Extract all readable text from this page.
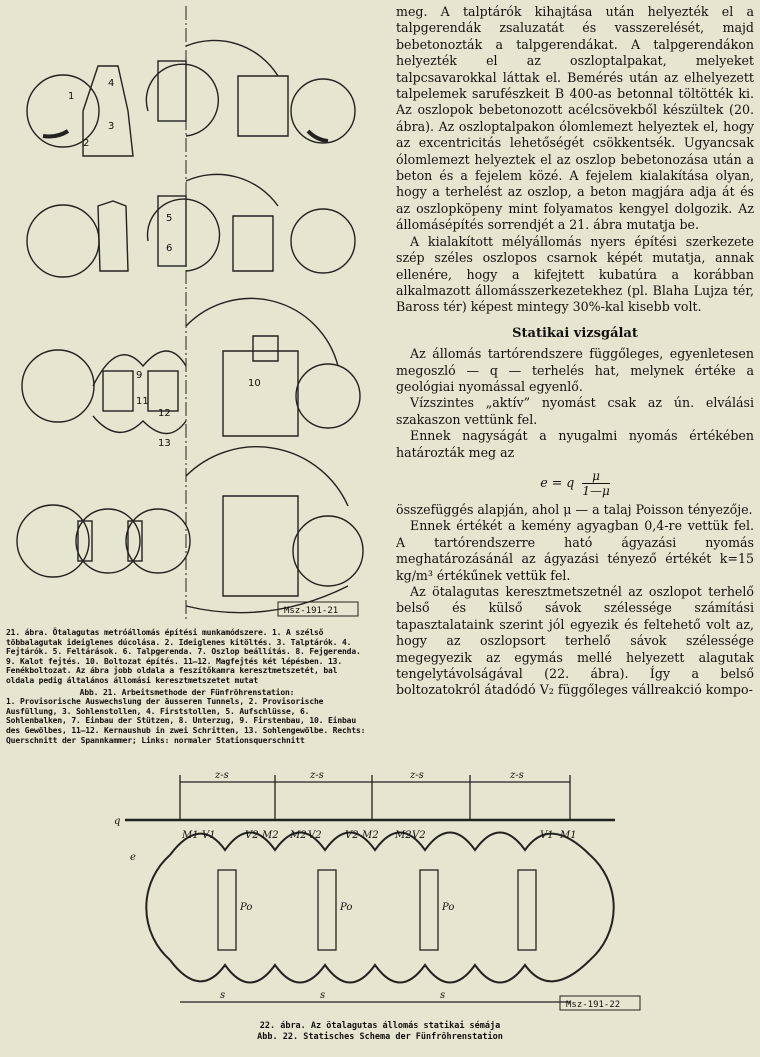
1
4
3
2
5
6
9
11
12
10
13
Msz-191-21

21. ábra. Ötalagutas metróállomás építési munkamódszere. 1. A szélső többalagutak ideiglenes dúcolása. 2. Ideiglenes kitöltés. 3. Talptárók. 4. Fejtárók. 5. Feltárások. 6. Talpgerenda. 7. Oszlop beállítás. 8. Fejgerenda. 9. Kalot fejtés. 10. Boltozat építés. 11—12. Magfejtés két lépésben. 13. Fenékboltozat. Az ábra jobb oldala a feszítőkamra keresztmetszetét, bal oldala pedig általános állomási keresztmetszetet mutat

Abb. 21. Arbeitsmethode der Fünfröhrenstation:

1. Provisorische Auswechslung der äusseren Tunnels, 2. Provisorische Ausfüllung, 3. Sohlenstollen, 4. Firststollen, 5. Aufschlüsse, 6. Sohlenbalken, 7. Einbau der Stützen, 8. Unterzug, 9. Firstenbau, 10. Einbau des Gewölbes, 11—12. Kernaushub in zwei Schritten, 13. Sohlengewölbe. Rechts: Querschnitt der Spannkammer; Links: normaler Stationsquerschnitt

meg. A talptárók kihajtása után helyezték el a talpgerendák zsaluzatát és vasszerelését, majd bebetonozták a talpgerendákat. A talpgerendákon helyezték el az oszloptalpakat, melyeket talpcsavarokkal láttak el. Bemérés után az elhelyezett talpelemek sarufészkeit B 400-as betonnal töltötték ki. Az oszlopok bebetonozott acélcsövekből készültek (20. ábra). Az oszloptalpakon ólomlemezt helyeztek el, hogy az excentricitás lehetőségét csökkentsék. Ugyancsak ólomlemezt helyeztek el az oszlop bebetonozása után a beton és a fejelem közé. A fejelem kialakítása olyan, hogy a terhelést az oszlop, a beton magjára adja át és az oszlopköpeny mint folyamatos kengyel dolgozik. Az állomásépítés sorrendjét a 21. ábra mutatja be.

A kialakított mélyállomás nyers építési szerkezete szép széles oszlopos csarnok képét mutatja, annak ellenére, hogy a kifejtett kubatúra a korábban alkalmazott állomásszerkezetekhez (pl. Blaha Lujza tér, Baross tér) képest mintegy 30%-kal kisebb volt.

Statikai vizsgálat

Az állomás tartórendszere függőleges, egyenletesen megoszló — q — terhelés hat, melynek értéke a geológiai nyomással egyenlő.

Vízszintes „aktív” nyomást csak az ún. elválási szakaszon vettünk fel.

Ennek nagyságát a nyugalmi nyomás értékében határozták meg az

e = q $\frac{\mu}{1—\mu}$

összefüggés alapján, ahol μ — a talaj Poisson tényezője.

Ennek értékét a kemény agyagban 0,4-re vettük fel. A tartórendszerre ható ágyazási nyomás meghatározásánál az ágyazási tényező értékét k=15 kg/m³ értékűnek vettük fel.

Az ötalagutas keresztmetszetnél az oszlopot terhelő belső és külső sávok szélessége számítási tapasztalataink szerint jól egyezik és feltehető volt az, hogy az oszlopsort terhelő sávok szélessége megegyezik az egymás mellé helyezett alagutak tengelytávolságával (22. ábra). Így a belső boltozatokról átadódó V₂ függőleges vállreakció kompo-

z-s	z-s	z-s	z-s
q
e
M1 V1	V2 M2 M2 V2 V2 M2 M2 V2	V1 M1
Po	Po	Po
s	s	s
Msz-191-22

22. ábra. Az ötalagutas állomás statikai sémája

Abb. 22. Statisches Schema der Fünfröhrenstation
